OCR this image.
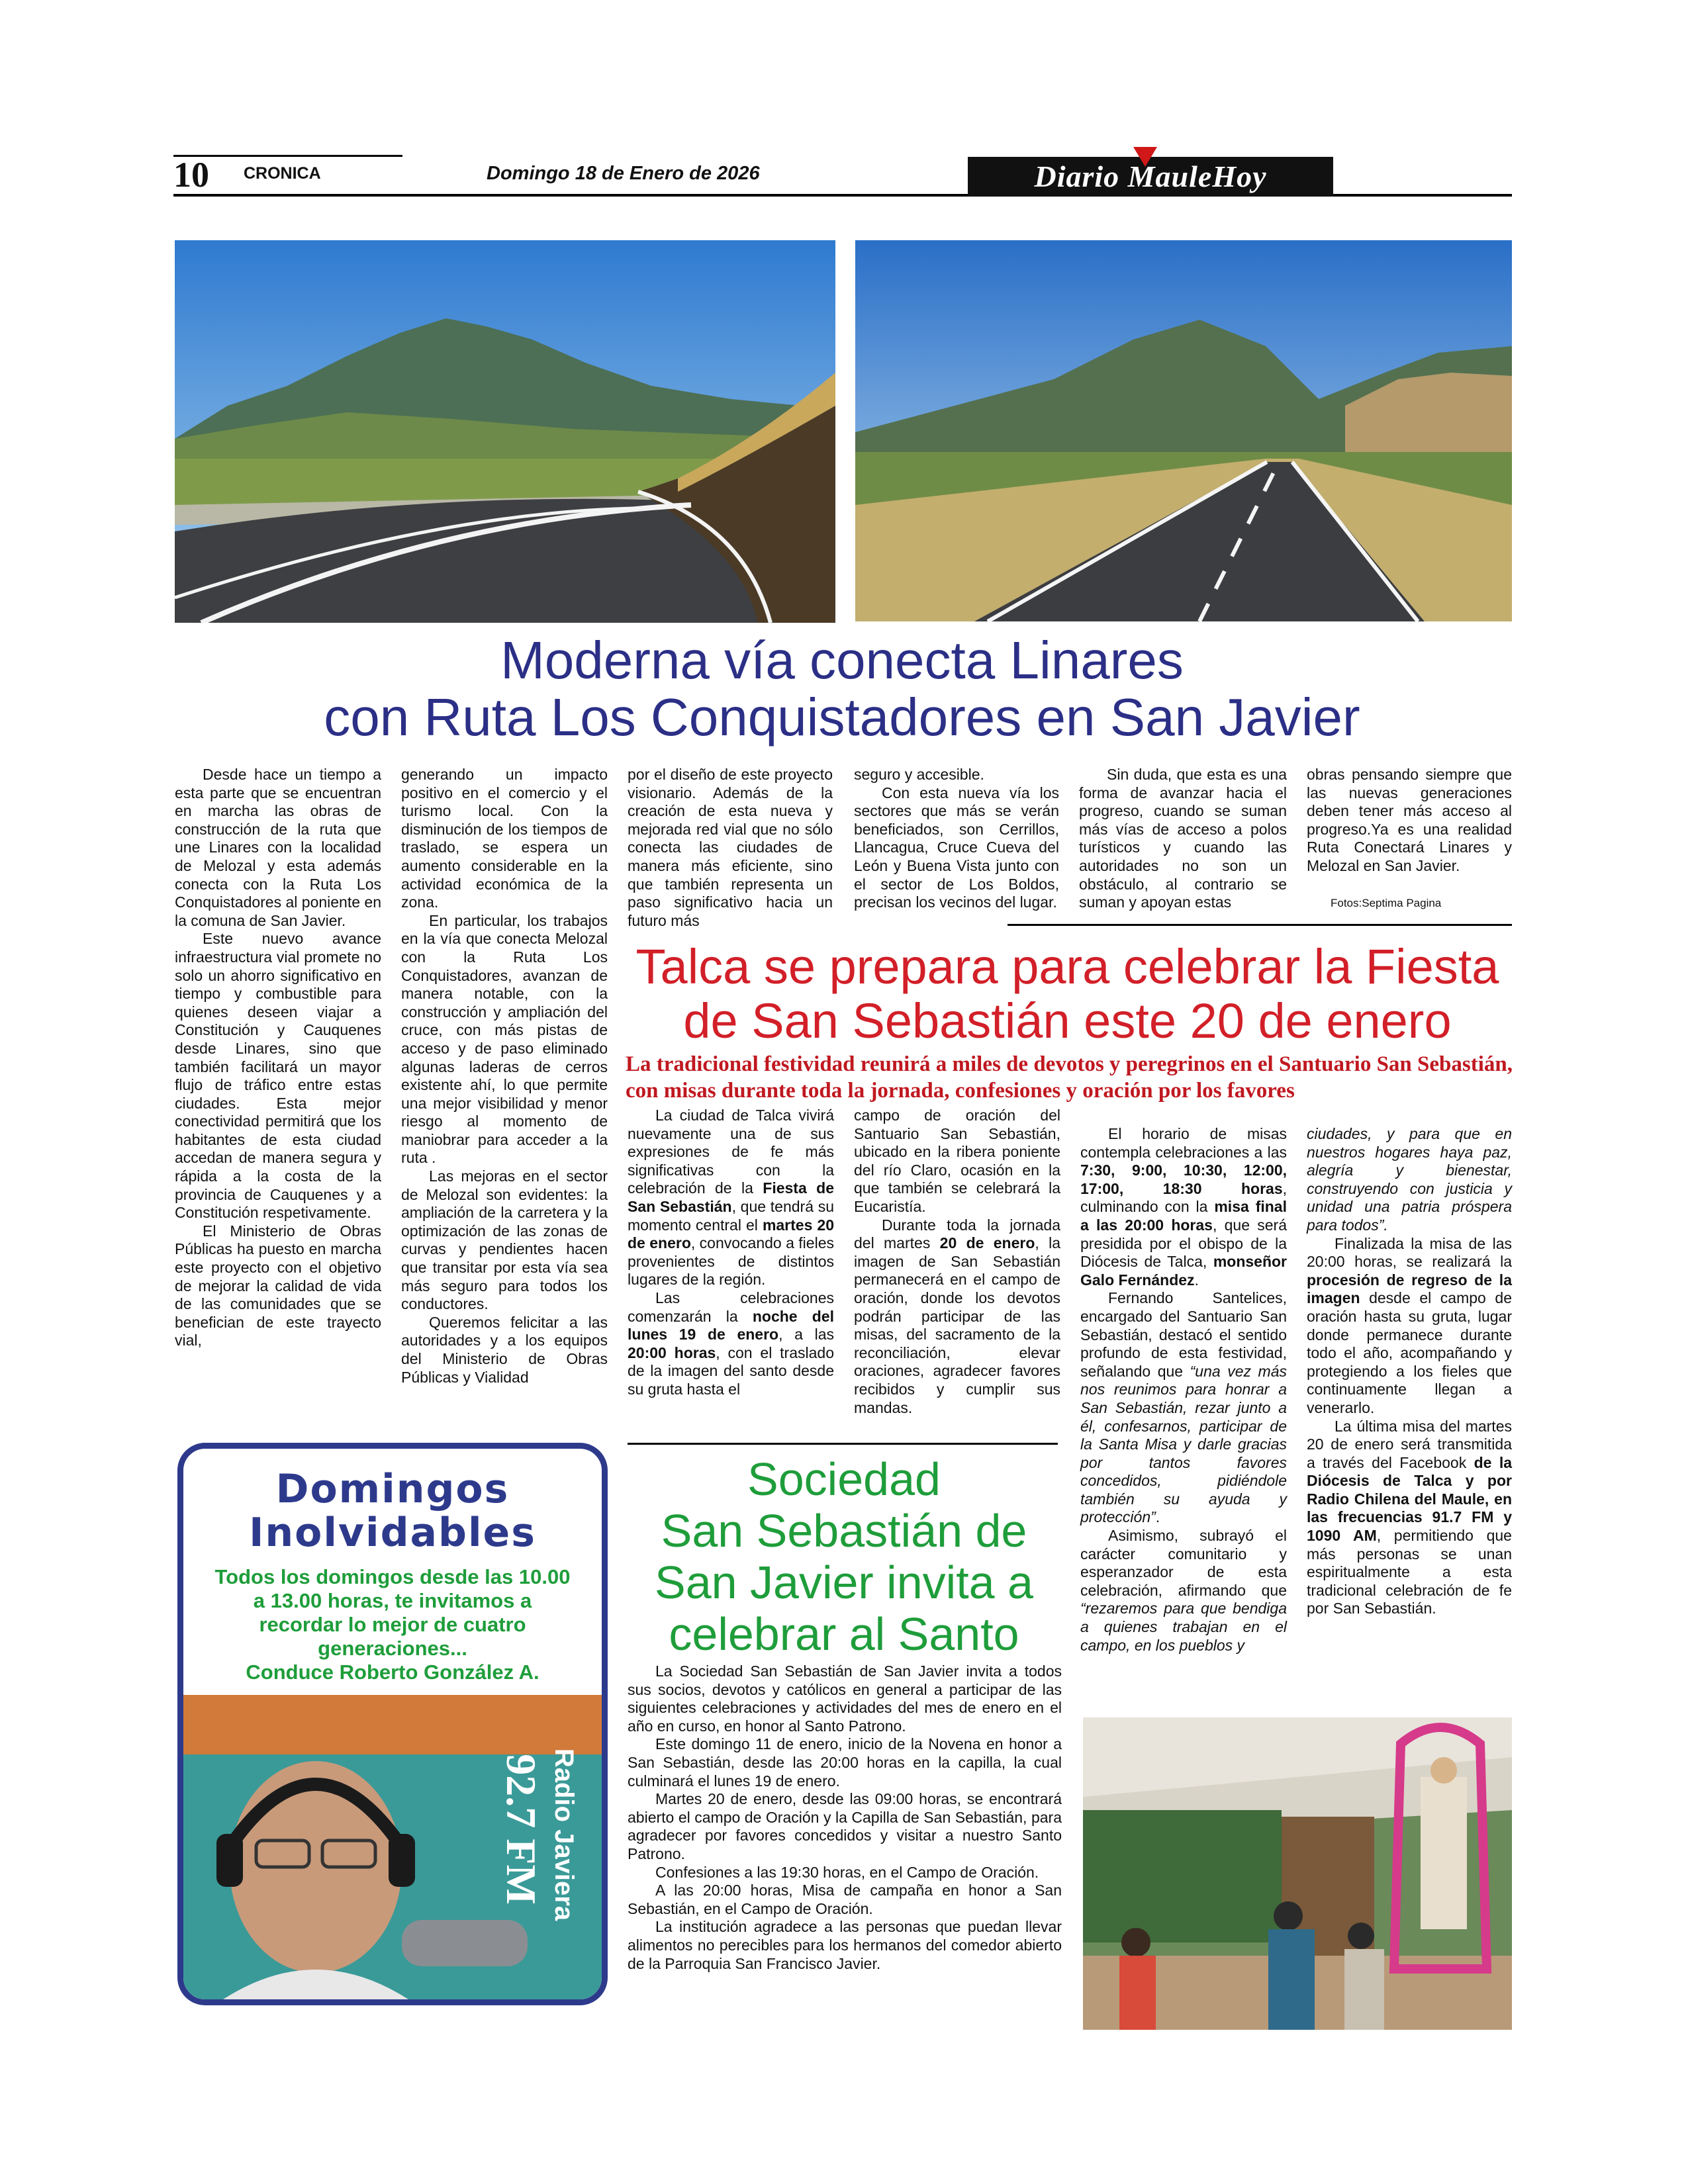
10 CRONICA	Domingo 18 de Enero de 2026	Diario MauleHoy
Moderna vía conecta Linares
con Ruta Los Conquistadores en San Javier

Desde hace un tiempo a esta parte que se encuentran en marcha las obras de construcción de la ruta que une Linares con la localidad de Melozal y esta además conecta con la Ruta Los Conquistadores al poniente en la comuna de San Javier.

Este nuevo avance infraestructura vial promete no solo un ahorro significativo en tiempo y combustible para quienes deseen viajar a Constitución y Cauquenes desde Linares, sino que también facilitará un mayor flujo de tráfico entre estas ciudades. Esta mejor conectividad permitirá que los habitantes de esta ciudad accedan de manera segura y rápida a la costa de la provincia de Cauquenes y a Constitución respetivamente.

El Ministerio de Obras Públicas ha puesto en marcha este proyecto con el objetivo de mejorar la calidad de vida de las comunidades que se benefician de este trayecto vial,

generando un impacto positivo en el comercio y el turismo local. Con la disminución de los tiempos de traslado, se espera un aumento considerable en la actividad económica de la zona.

En particular, los trabajos en la vía que conecta Melozal con la Ruta Los Conquistadores, avanzan de manera notable, con la construcción y ampliación del cruce, con más pistas de acceso y de paso eliminado algunas laderas de cerros existente ahí, lo que permite una mejor visibilidad y menor riesgo al momento de maniobrar para acceder a la ruta .

Las mejoras en el sector de Melozal son evidentes: la ampliación de la carretera y la optimización de las zonas de curvas y pendientes hacen que transitar por esta vía sea más seguro para todos los conductores.

Queremos felicitar a las autoridades y a los equipos del Ministerio de Obras Públicas y Vialidad

por el diseño de este proyecto visionario. Además de la creación de esta nueva y mejorada red vial que no sólo conecta las ciudades de manera más eficiente, sino que también representa un paso significativo hacia un futuro más

seguro y accesible.

Con esta nueva vía los sectores que más se verán beneficiados, son Cerrillos, Llancagua, Cruce Cueva del León y Buena Vista junto con el sector de Los Boldos, precisan los vecinos del lugar.

Sin duda, que esta es una forma de avanzar hacia el progreso, cuando se suman más vías de acceso a polos turísticos y cuando las autoridades no son un obstáculo, al contrario se suman y apoyan estas

obras pensando siempre que las nuevas generaciones deben tener más acceso al progreso.Ya es una realidad Ruta Conectará Linares y Melozal en San Javier.

Fotos:Septima Pagina
Talca se prepara para celebrar la Fiesta
de San Sebastián este 20 de enero
La tradicional festividad reunirá a miles de devotos y peregrinos en el Santuario San Sebastián, con misas durante toda la jornada, confesiones y oración por los favores

La ciudad de Talca vivirá nuevamente una de sus expresiones de fe más significativas con la celebración de la Fiesta de San Sebastián, que tendrá su momento central el martes 20 de enero, convocando a fieles provenientes de distintos lugares de la región.

Las celebraciones comenzarán la noche del lunes 19 de enero, a las 20:00 horas, con el traslado de la imagen del santo desde su gruta hasta el

campo de oración del Santuario San Sebastián, ubicado en la ribera poniente del río Claro, ocasión en la que también se celebrará la Eucaristía.

Durante toda la jornada del martes 20 de enero, la imagen de San Sebastián permanecerá en el campo de oración, donde los devotos podrán participar de las misas, del sacramento de la reconciliación, elevar oraciones, agradecer favores recibidos y cumplir sus mandas.

El horario de misas contempla celebraciones a las 7:30, 9:00, 10:30, 12:00, 17:00, 18:30 horas, culminando con la misa final a las 20:00 horas, que será presidida por el obispo de la Diócesis de Talca, monseñor Galo Fernández.

Fernando Santelices, encargado del Santuario San Sebastián, destacó el sentido profundo de esta festividad, señalando que “una vez más nos reunimos para honrar a San Sebastián, rezar junto a él, confesarnos, participar de la Santa Misa y darle gracias por tantos favores concedidos, pidiéndole también su ayuda y protección”.

Asimismo, subrayó el carácter comunitario y esperanzador de esta celebración, afirmando que “rezaremos para que bendiga a quienes trabajan en el campo, en los pueblos y

ciudades, y para que en nuestros hogares haya paz, alegría y bienestar, construyendo con justicia y unidad una patria próspera para todos”.

Finalizada la misa de las 20:00 horas, se realizará la procesión de regreso de la imagen desde el campo de oración hasta su gruta, lugar donde permanece durante todo el año, acompañando y protegiendo a los fieles que continuamente llegan a venerarlo.

La última misa del martes 20 de enero será transmitida a través del Facebook de la Diócesis de Talca y por Radio Chilena del Maule, en las frecuencias 91.7 FM y 1090 AM, permitiendo que más personas se unan espiritualmente a esta tradicional celebración de fe por San Sebastián.

Sociedad
San Sebastián de
San Javier invita a
celebrar al Santo

La Sociedad San Sebastián de San Javier invita a todos sus socios, devotos y católicos en general a participar de las siguientes celebraciones y actividades del mes de enero en el año en curso, en honor al Santo Patrono.

Este domingo 11 de enero, inicio de la Novena en honor a San Sebastián, desde las 20:00 horas en la capilla, la cual culminará el lunes 19 de enero.

Martes 20 de enero, desde las 09:00 horas, se encontrará abierto el campo de Oración y la Capilla de San Sebastián, para agradecer por favores concedidos y visitar a nuestro Santo Patrono.

Confesiones a las 19:30 horas, en el Campo de Oración.

A las 20:00 horas, Misa de campaña en honor a San Sebastián, en el Campo de Oración.

La institución agradece a las personas que puedan llevar alimentos no perecibles para los hermanos del comedor abierto de la Parroquia San Francisco Javier.

Domingos
Inolvidables
Todos los domingos desde las 10.00 a 13.00 horas, te invitamos a recordar lo mejor de cuatro generaciones...
Conduce Roberto González A.
92.7 FM Radio Javiera
